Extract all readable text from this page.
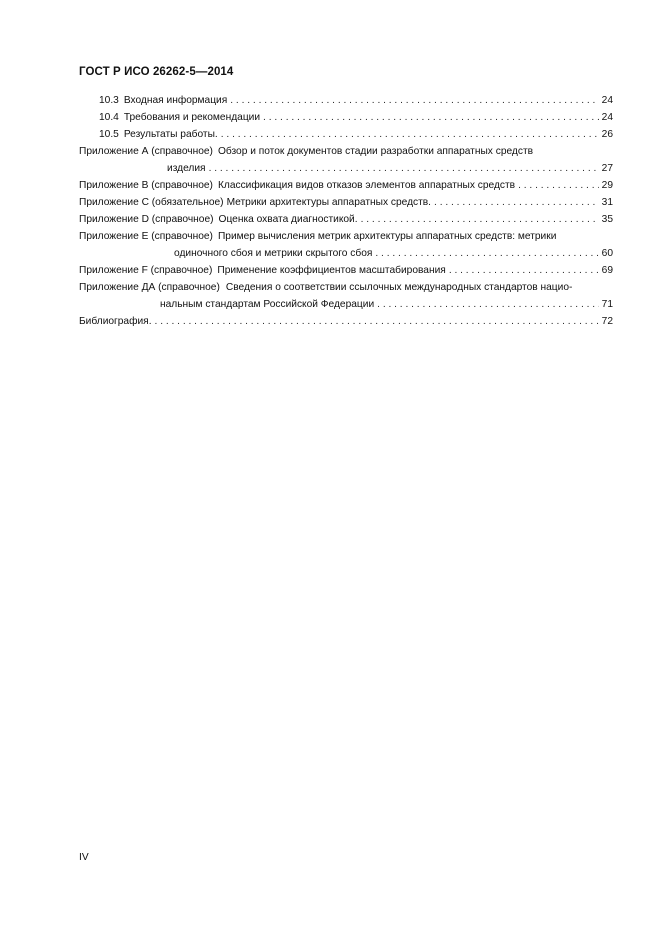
ГОСТ Р ИСО 26262-5—2014
10.3 Входная информация . . .	24
10.4 Требования и рекомендации . . .	24
10.5 Результаты работы. . . .	26
Приложение А (справочное) Обзор и поток документов стадии разработки аппаратных средств
изделия . . .	27
Приложение В (справочное) Классификация видов отказов элементов аппаратных средств . . .	29
Приложение С (обязательное) Метрики архитектуры аппаратных средств. . . .	31
Приложение D (справочное) Оценка охвата диагностикой. . . .	35
Приложение Е (справочное) Пример вычисления метрик архитектуры аппаратных средств: метрики
одиночного сбоя и метрики скрытого сбоя . . .	60
Приложение F (справочное) Применение коэффициентов масштабирования . . .	69
Приложение ДА (справочное) Сведения о соответствии ссылочных международных стандартов нацио-
нальным стандартам Российской Федерации . . .	71
Библиография. . . .	72
IV
